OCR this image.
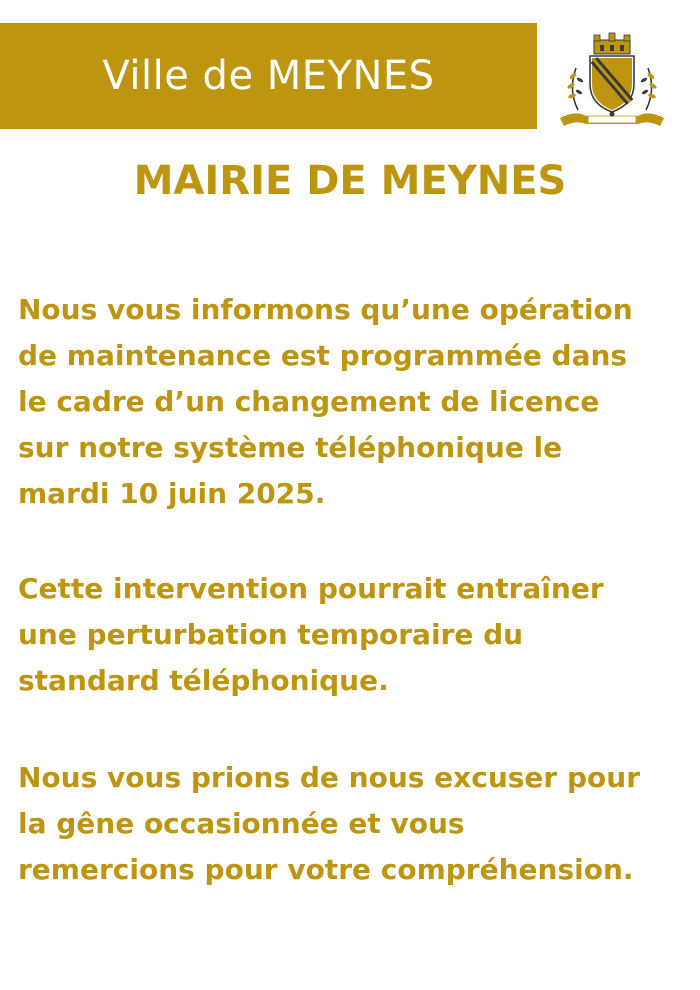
Ville de MEYNES
MAIRIE DE MEYNES

Nous vous informons qu’une opération
de maintenance est programmée dans
le cadre d’un changement de licence
sur notre système téléphonique le
mardi 10 juin 2025.

Cette intervention pourrait entraîner
une perturbation temporaire du
standard téléphonique.

Nous vous prions de nous excuser pour
la gêne occasionnée et vous
remercions pour votre compréhension.
